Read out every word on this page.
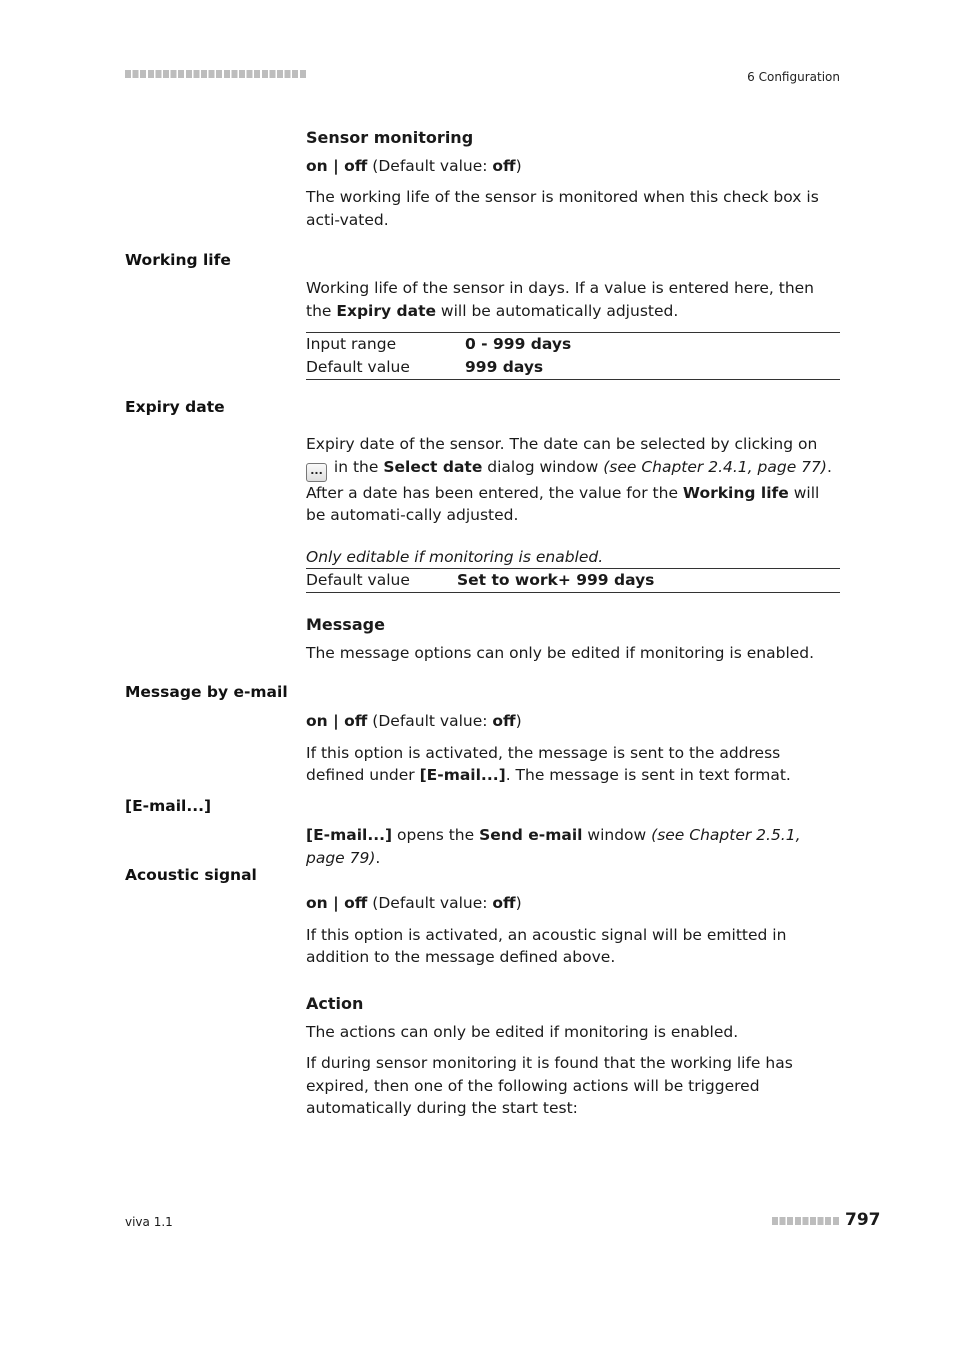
6 Configuration
Sensor monitoring
on | off (Default value: off)
The working life of the sensor is monitored when this check box is acti-vated.
Working life
Working life of the sensor in days. If a value is entered here, then the Expiry date will be automatically adjusted.
Input range	0 - 999 days
Default value	999 days
Expiry date
Expiry date of the sensor. The date can be selected by clicking on ... in the Select date dialog window (see Chapter 2.4.1, page 77). After a date has been entered, the value for the Working life will be automati-cally adjusted.
Only editable if monitoring is enabled.
Default value	Set to work+ 999 days
Message
The message options can only be edited if monitoring is enabled.
Message by e-mail
on | off (Default value: off)
If this option is activated, the message is sent to the address defined under [E-mail...]. The message is sent in text format.
[E-mail...]
[E-mail...] opens the Send e-mail window (see Chapter 2.5.1, page 79).
Acoustic signal
on | off (Default value: off)
If this option is activated, an acoustic signal will be emitted in addition to the message defined above.
Action
The actions can only be edited if monitoring is enabled.
If during sensor monitoring it is found that the working life has expired, then one of the following actions will be triggered automatically during the start test:
viva 1.1	797
